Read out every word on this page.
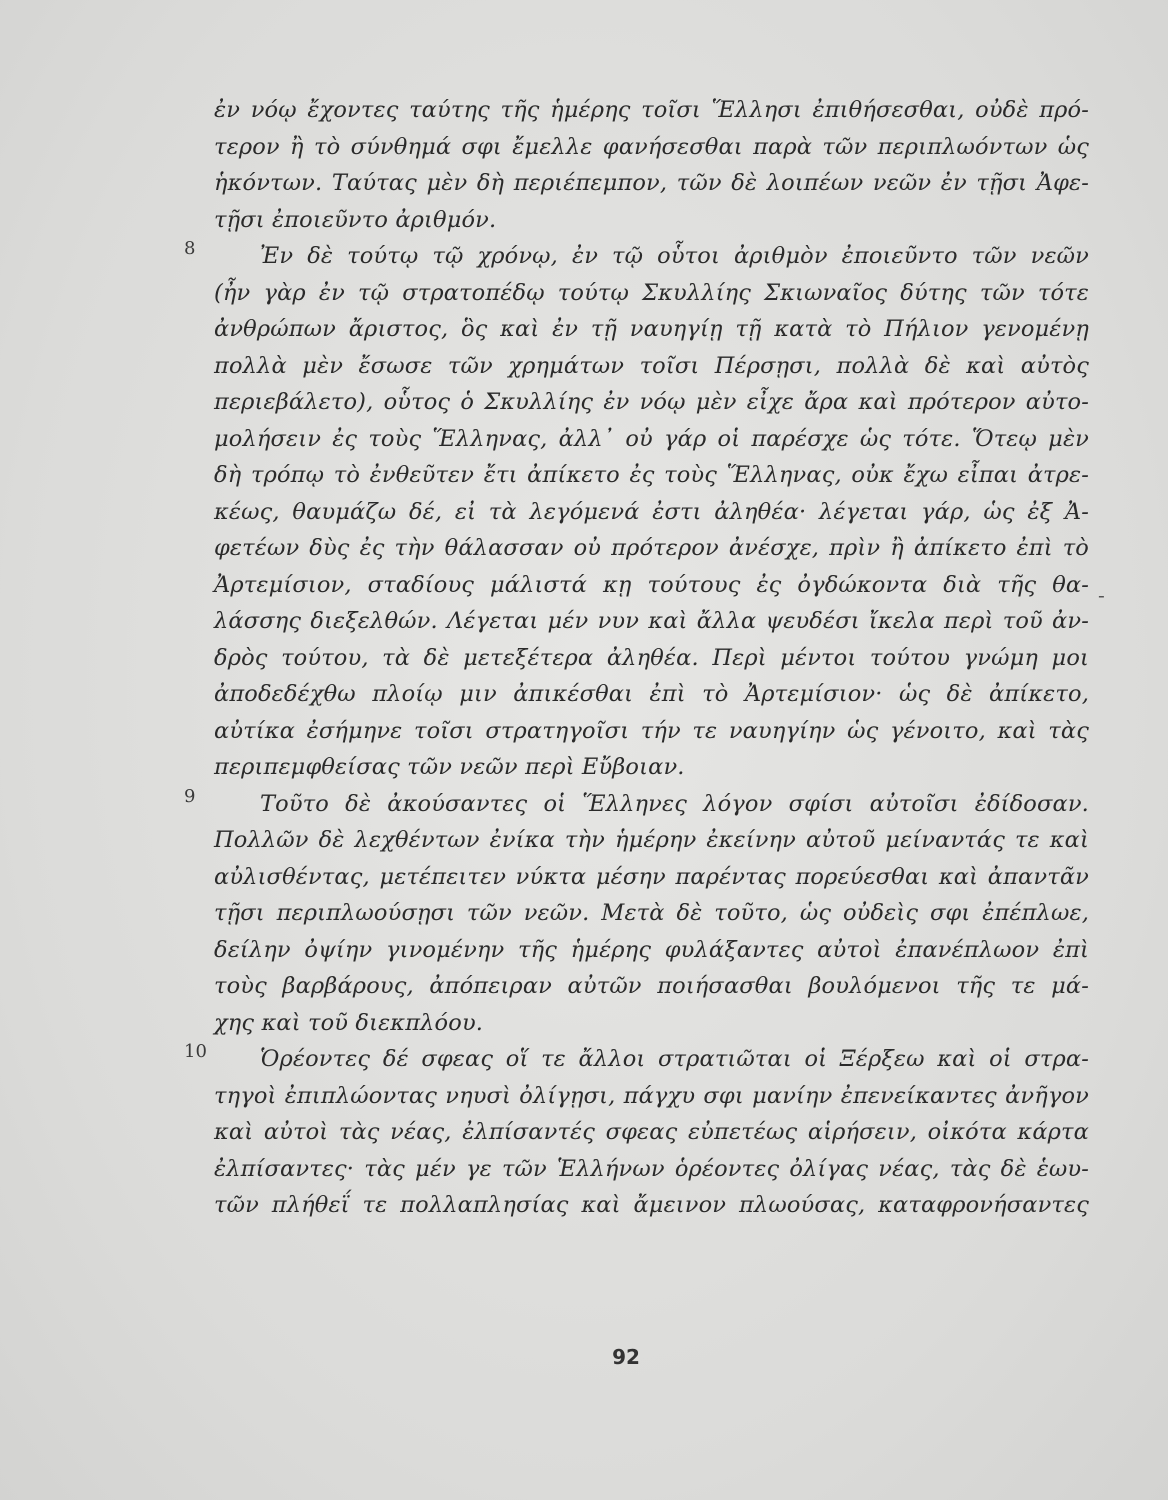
ἐν νόῳ ἔχοντες ταύτης τῆς ἡμέρης τοῖσι Ἕλλησι ἐπιθήσεσθαι, οὐδὲ πρό-
τερον ἢ τὸ σύνθημά σφι ἔμελλε φανήσεσθαι παρὰ τῶν περιπλωόντων ὡς
ἡκόντων. Ταύτας μὲν δὴ περιέπεμπον, τῶν δὲ λοιπέων νεῶν ἐν τῇσι Ἀφε-
τῇσι ἐποιεῦντο ἀριθμόν.
8	Ἐν δὲ τούτῳ τῷ χρόνῳ, ἐν τῷ οὗτοι ἀριθμὸν ἐποιεῦντο τῶν νεῶν
(ἦν γὰρ ἐν τῷ στρατοπέδῳ τούτῳ Σκυλλίης Σκιωναῖος δύτης τῶν τότε
ἀνθρώπων ἄριστος, ὃς καὶ ἐν τῇ ναυηγίῃ τῇ κατὰ τὸ Πήλιον γενομένῃ
πολλὰ μὲν ἔσωσε τῶν χρημάτων τοῖσι Πέρσῃσι, πολλὰ δὲ καὶ αὐτὸς
περιεβάλετο), οὗτος ὁ Σκυλλίης ἐν νόῳ μὲν εἶχε ἄρα καὶ πρότερον αὐτο-
μολήσειν ἐς τοὺς Ἕλληνας, ἀλλ᾽ οὐ γάρ οἱ παρέσχε ὡς τότε. Ὅτεῳ μὲν
δὴ τρόπῳ τὸ ἐνθεῦτεν ἔτι ἀπίκετο ἐς τοὺς Ἕλληνας, οὐκ ἔχω εἶπαι ἀτρε-
κέως, θαυμάζω δέ, εἰ τὰ λεγόμενά ἐστι ἀληθέα· λέγεται γάρ, ὡς ἐξ Ἀ-
φετέων δὺς ἐς τὴν θάλασσαν οὐ πρότερον ἀνέσχε, πρὶν ἢ ἀπίκετο ἐπὶ τὸ
Ἀρτεμίσιον, σταδίους μάλιστά κῃ τούτους ἐς ὀγδώκοντα διὰ τῆς θα-
λάσσης διεξελθών. Λέγεται μέν νυν καὶ ἄλλα ψευδέσι ἴκελα περὶ τοῦ ἀν-
δρὸς τούτου, τὰ δὲ μετεξέτερα ἀληθέα. Περὶ μέντοι τούτου γνώμη μοι
ἀποδεδέχθω πλοίῳ μιν ἀπικέσθαι ἐπὶ τὸ Ἀρτεμίσιον· ὡς δὲ ἀπίκετο,
αὐτίκα ἐσήμηνε τοῖσι στρατηγοῖσι τήν τε ναυηγίην ὡς γένοιτο, καὶ τὰς
περιπεμφθείσας τῶν νεῶν περὶ Εὔβοιαν.
9	Τοῦτο δὲ ἀκούσαντες οἱ Ἕλληνες λόγον σφίσι αὐτοῖσι ἐδίδοσαν.
Πολλῶν δὲ λεχθέντων ἐνίκα τὴν ἡμέρην ἐκείνην αὐτοῦ μείναντάς τε καὶ
αὐλισθέντας, μετέπειτεν νύκτα μέσην παρέντας πορεύεσθαι καὶ ἀπαντᾶν
τῇσι περιπλωούσῃσι τῶν νεῶν. Μετὰ δὲ τοῦτο, ὡς οὐδεὶς σφι ἐπέπλωε,
δείλην ὀψίην γινομένην τῆς ἡμέρης φυλάξαντες αὐτοὶ ἐπανέπλωον ἐπὶ
τοὺς βαρβάρους, ἀπόπειραν αὐτῶν ποιήσασθαι βουλόμενοι τῆς τε μά-
χης καὶ τοῦ διεκπλόου.
10	Ὁρέοντες δέ σφεας οἵ τε ἄλλοι στρατιῶται οἱ Ξέρξεω καὶ οἱ στρα-
τηγοὶ ἐπιπλώοντας νηυσὶ ὀλίγῃσι, πάγχυ σφι μανίην ἐπενείκαντες ἀνῆγον
καὶ αὐτοὶ τὰς νέας, ἐλπίσαντές σφεας εὐπετέως αἱρήσειν, οἰκότα κάρτα
ἐλπίσαντες· τὰς μέν γε τῶν Ἑλλήνων ὁρέοντες ὀλίγας νέας, τὰς δὲ ἑωυ-
τῶν πλήθεΐ τε πολλαπλησίας καὶ ἄμεινον πλωούσας, καταφρονήσαντες
-
92
